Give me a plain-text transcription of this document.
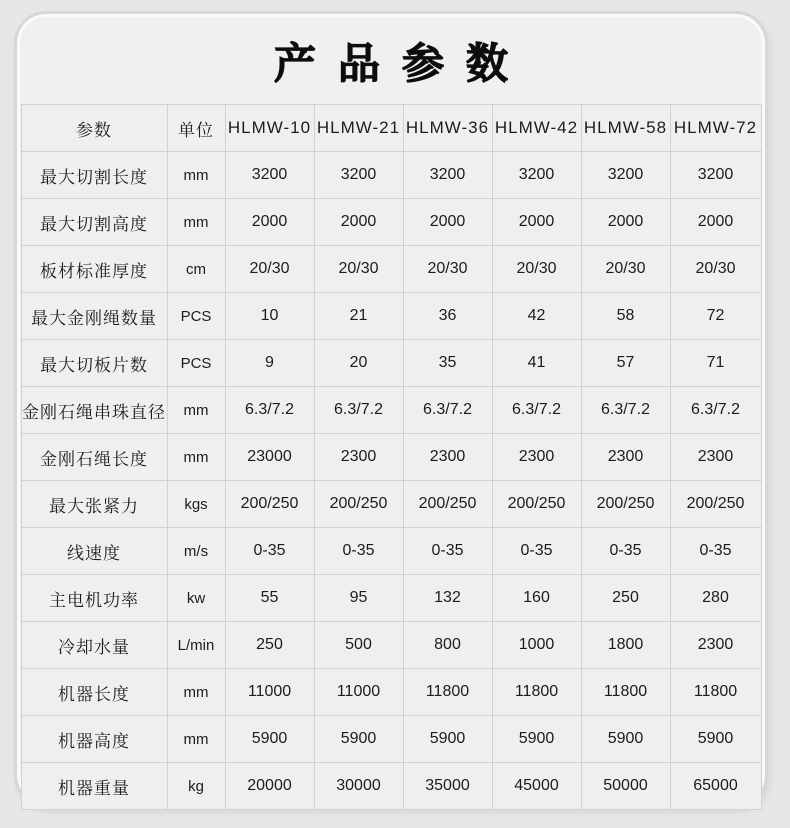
产品参数
参数	单位	HLMW-10	HLMW-21	HLMW-36	HLMW-42	HLMW-58	HLMW-72
最大切割长度	mm	3200	3200	3200	3200	3200	3200
最大切割高度	mm	2000	2000	2000	2000	2000	2000
板材标准厚度	cm	20/30	20/30	20/30	20/30	20/30	20/30
最大金刚绳数量	PCS	10	21	36	42	58	72
最大切板片数	PCS	9	20	35	41	57	71
金刚石绳串珠直径	mm	6.3/7.2	6.3/7.2	6.3/7.2	6.3/7.2	6.3/7.2	6.3/7.2
金刚石绳长度	mm	23000	2300	2300	2300	2300	2300
最大张紧力	kgs	200/250	200/250	200/250	200/250	200/250	200/250
线速度	m/s	0-35	0-35	0-35	0-35	0-35	0-35
主电机功率	kw	55	95	132	160	250	280
冷却水量	L/min	250	500	800	1000	1800	2300
机器长度	mm	11000	11000	11800	11800	11800	11800
机器高度	mm	5900	5900	5900	5900	5900	5900
机器重量	kg	20000	30000	35000	45000	50000	65000
